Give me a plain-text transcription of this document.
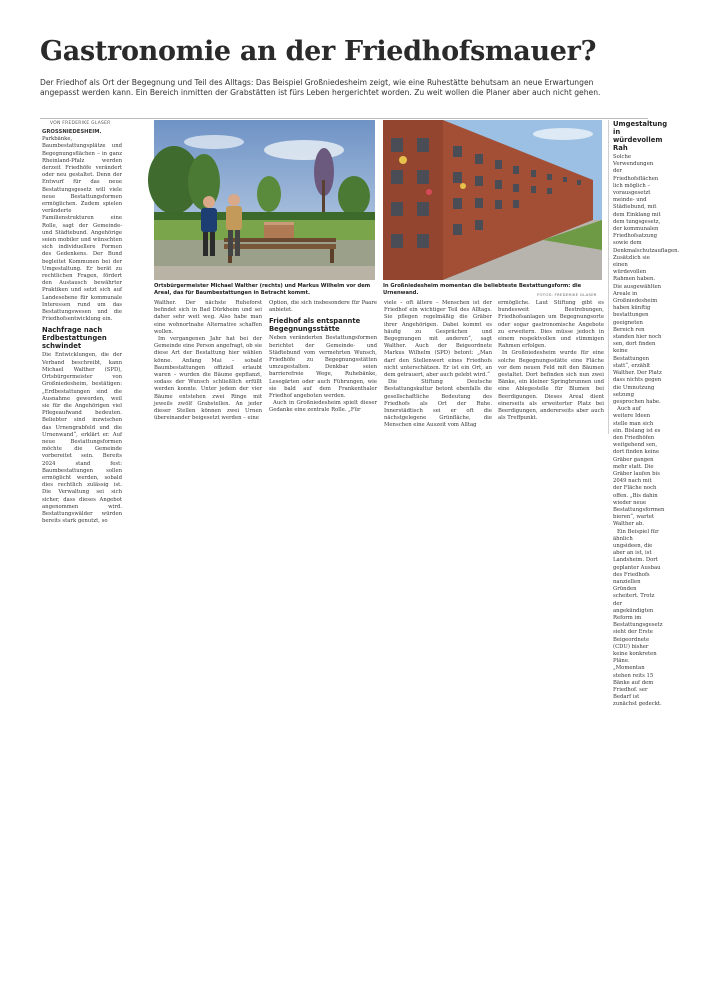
Gastronomie an der Friedhofsmauer?

Der Friedhof als Ort der Begegnung und Teil des Alltags: Das Beispiel Großniedesheim zeigt, wie eine Ruhestätte behutsam an neue Erwartungen angepasst werden kann. Ein Bereich inmitten der Grabstätten ist fürs Leben hergerichtet worden. Zu weit wollen die Planer aber auch nicht gehen.

VON FREDERIKE GLASER

GROSSNIEDESHEIM. Parkbänke, Baumbestattungsplätze und Begegnungsflächen – in ganz Rheinland-Pfalz werden derzeit Friedhöfe verändert oder neu gestaltet. Denn der Entwurf für das neue Bestattungsgesetz will viele neue Bestattungsformen ermöglichen. Zudem spielen veränderte Familienstrukturen eine Rolle, sagt der Gemeinde- und Städtebund. Angehörige seien mobiler und wünschten sich individuellere Formen des Gedenkens. Der Bund begleitet Kommunen bei der Umgestaltung. Er berät zu rechtlichen Fragen, fördert den Austausch bewährter Praktiken und setzt sich auf Landesebene für kommunale Interessen rund um das Bestattungswesen und die Friedhofsentwicklung ein.

Nachfrage nach Erdbestattungen schwindet

Die Entwicklungen, die der Verband beschreibt, kann Michael Walther (SPD), Ortsbürgermeister von Großniedesheim, bestätigen: „Erdbestattungen sind die Ausnahme geworden, weil sie für die Angehörigen viel Pflegeaufwand bedeuten. Beliebter sind inzwischen das Urnengrabfeld und die Urnenwand“, erklärt er. Auf neue Bestattungsformen möchte die Gemeinde vorbereitet sein. Bereits 2024 stand fest: Baumbestattungen sollen ermöglicht werden, sobald dies rechtlich zulässig ist. Die Verwaltung sei sich sicher, dass dieses Angebot angenommen wird. Bestattungswälder würden bereits stark genutzt, so

Ortsbürgermeister Michael Walther (rechts) und Markus Wilhelm vor dem Areal, das für Baumbestattungen in Betracht kommt.
In Großniedesheim momentan die beliebteste Bestattungsform: die Urnenwand.	FOTOS: FREDERIKE GLASER

Walther. Der nächste Ruheforst befindet sich in Bad Dürkheim und sei daher sehr weit weg. Also habe man eine wohnortnahe Alternative schaffen wollen.

Im vergangenen Jahr hat bei der Gemeinde eine Person angefragt, ob sie diese Art der Bestattung hier wählen könne. Anfang Mai – sobald Baumbestattungen offiziell erlaubt waren – wurden die Bäume gepflanzt, sodass der Wunsch schließlich erfüllt werden konnte. Unter jedem der vier Bäume entstehen zwei Ringe mit jeweils zwölf Grabstellen. An jeder dieser Stellen können zwei Urnen übereinander beigesetzt werden – eine

Option, die sich insbesondere für Paare anbietet.

Friedhof als entspannte Begegnungsstätte

Neben veränderten Bestattungsformen berichtet der Gemeinde- und Städtebund vom vermehrten Wunsch, Friedhöfe zu Begegnungsstätten umzugestalten. Denkbar seien barrierefreie Wege, Ruhebänke, Lesegärten oder auch Führungen, wie sie bald auf dem Frankenthaler Friedhof angeboten werden.

Auch in Großniedesheim spielt dieser Gedanke eine zentrale Rolle. „Für

viele – oft ältere – Menschen ist der Friedhof ein wichtiger Teil des Alltags. Sie pflegen regelmäßig die Gräber ihrer Angehörigen. Dabei kommt es häufig zu Gesprächen und Begegnungen mit anderen“, sagt Walther. Auch der Beigeordnete Markus Wilhelm (SPD) betont: „Man darf den Stellenwert eines Friedhofs nicht unterschätzen. Er ist ein Ort, an dem getrauert, aber auch gelebt wird.“

Die Stiftung Deutsche Bestattungskultur betont ebenfalls die gesellschaftliche Bedeutung des Friedhofs als Ort der Ruhe. Innerstädtisch sei er oft die nächstgelegene Grünfläche, die Menschen eine Auszeit vom Alltag

ermögliche. Laut Stiftung gibt es bundesweit Bestrebungen, Friedhofsanlagen um Begegnungsorte oder sogar gastronomische Angebote zu erweitern. Dies müsse jedoch in einem respektvollen und stimmigen Rahmen erfolgen.

In Großniedesheim wurde für eine solche Begegnungsstätte eine Fläche vor dem neuen Feld mit den Bäumen gestaltet. Dort befinden sich nun zwei Bänke, ein kleiner Springbrunnen und eine Ablegestelle für Blumen bei Beerdigungen. Dieses Areal dient einerseits als erweiterter Platz bei Beerdigungen, andererseits aber auch als Treffpunkt.

Umgestaltung in würdevollem Rah

Solche Verwendungen der Friedhofsflächen lich möglich – vorausgesetzt meinde- und Städtebund, mit dem Einklang mit dem tungsgesetz, der kommunalen Friedhofsatzung sowie dem Denkmalschutzauflagen. Zusätzlich sie einen würdevollen Rahmen haben. Die ausgewählten Areale in Großniedesheim haben künftig bestattungen geeigneten Bereich ren standen hier noch sen, dort finden keine Bestattungen statt“, erzählt Walther. Der Platz dass nichts gegen die Umnutzung setzung gesprochen habe.

Auch auf weitere Ideen stelle man sich ein. Bislang ist es den Friedhöfen weitgehend sen, dort finden keine Gräber gangen mehr statt. Die Gräber laufen bis 2049 nach mit der Fläche noch offen. „Bis dahin wieder neue Bestattungsformen bieren“, wartet Walther ab.

Ein Beispiel für ähnlich ungsideen, die aber an ist, ist Landsheim. Dort geplanter Ausbau des Friedhofs nanziellen Gründen scheitert. Trotz der angekündigten Reform im Bestattungsgesetz sieht der Erste Beigeordnete (CDU) bisher keine konkreten Pläne. „Momentan stehen reits 15 Bänke auf dem Friedhof. ser Bedarf ist zunächst gedeckt.
